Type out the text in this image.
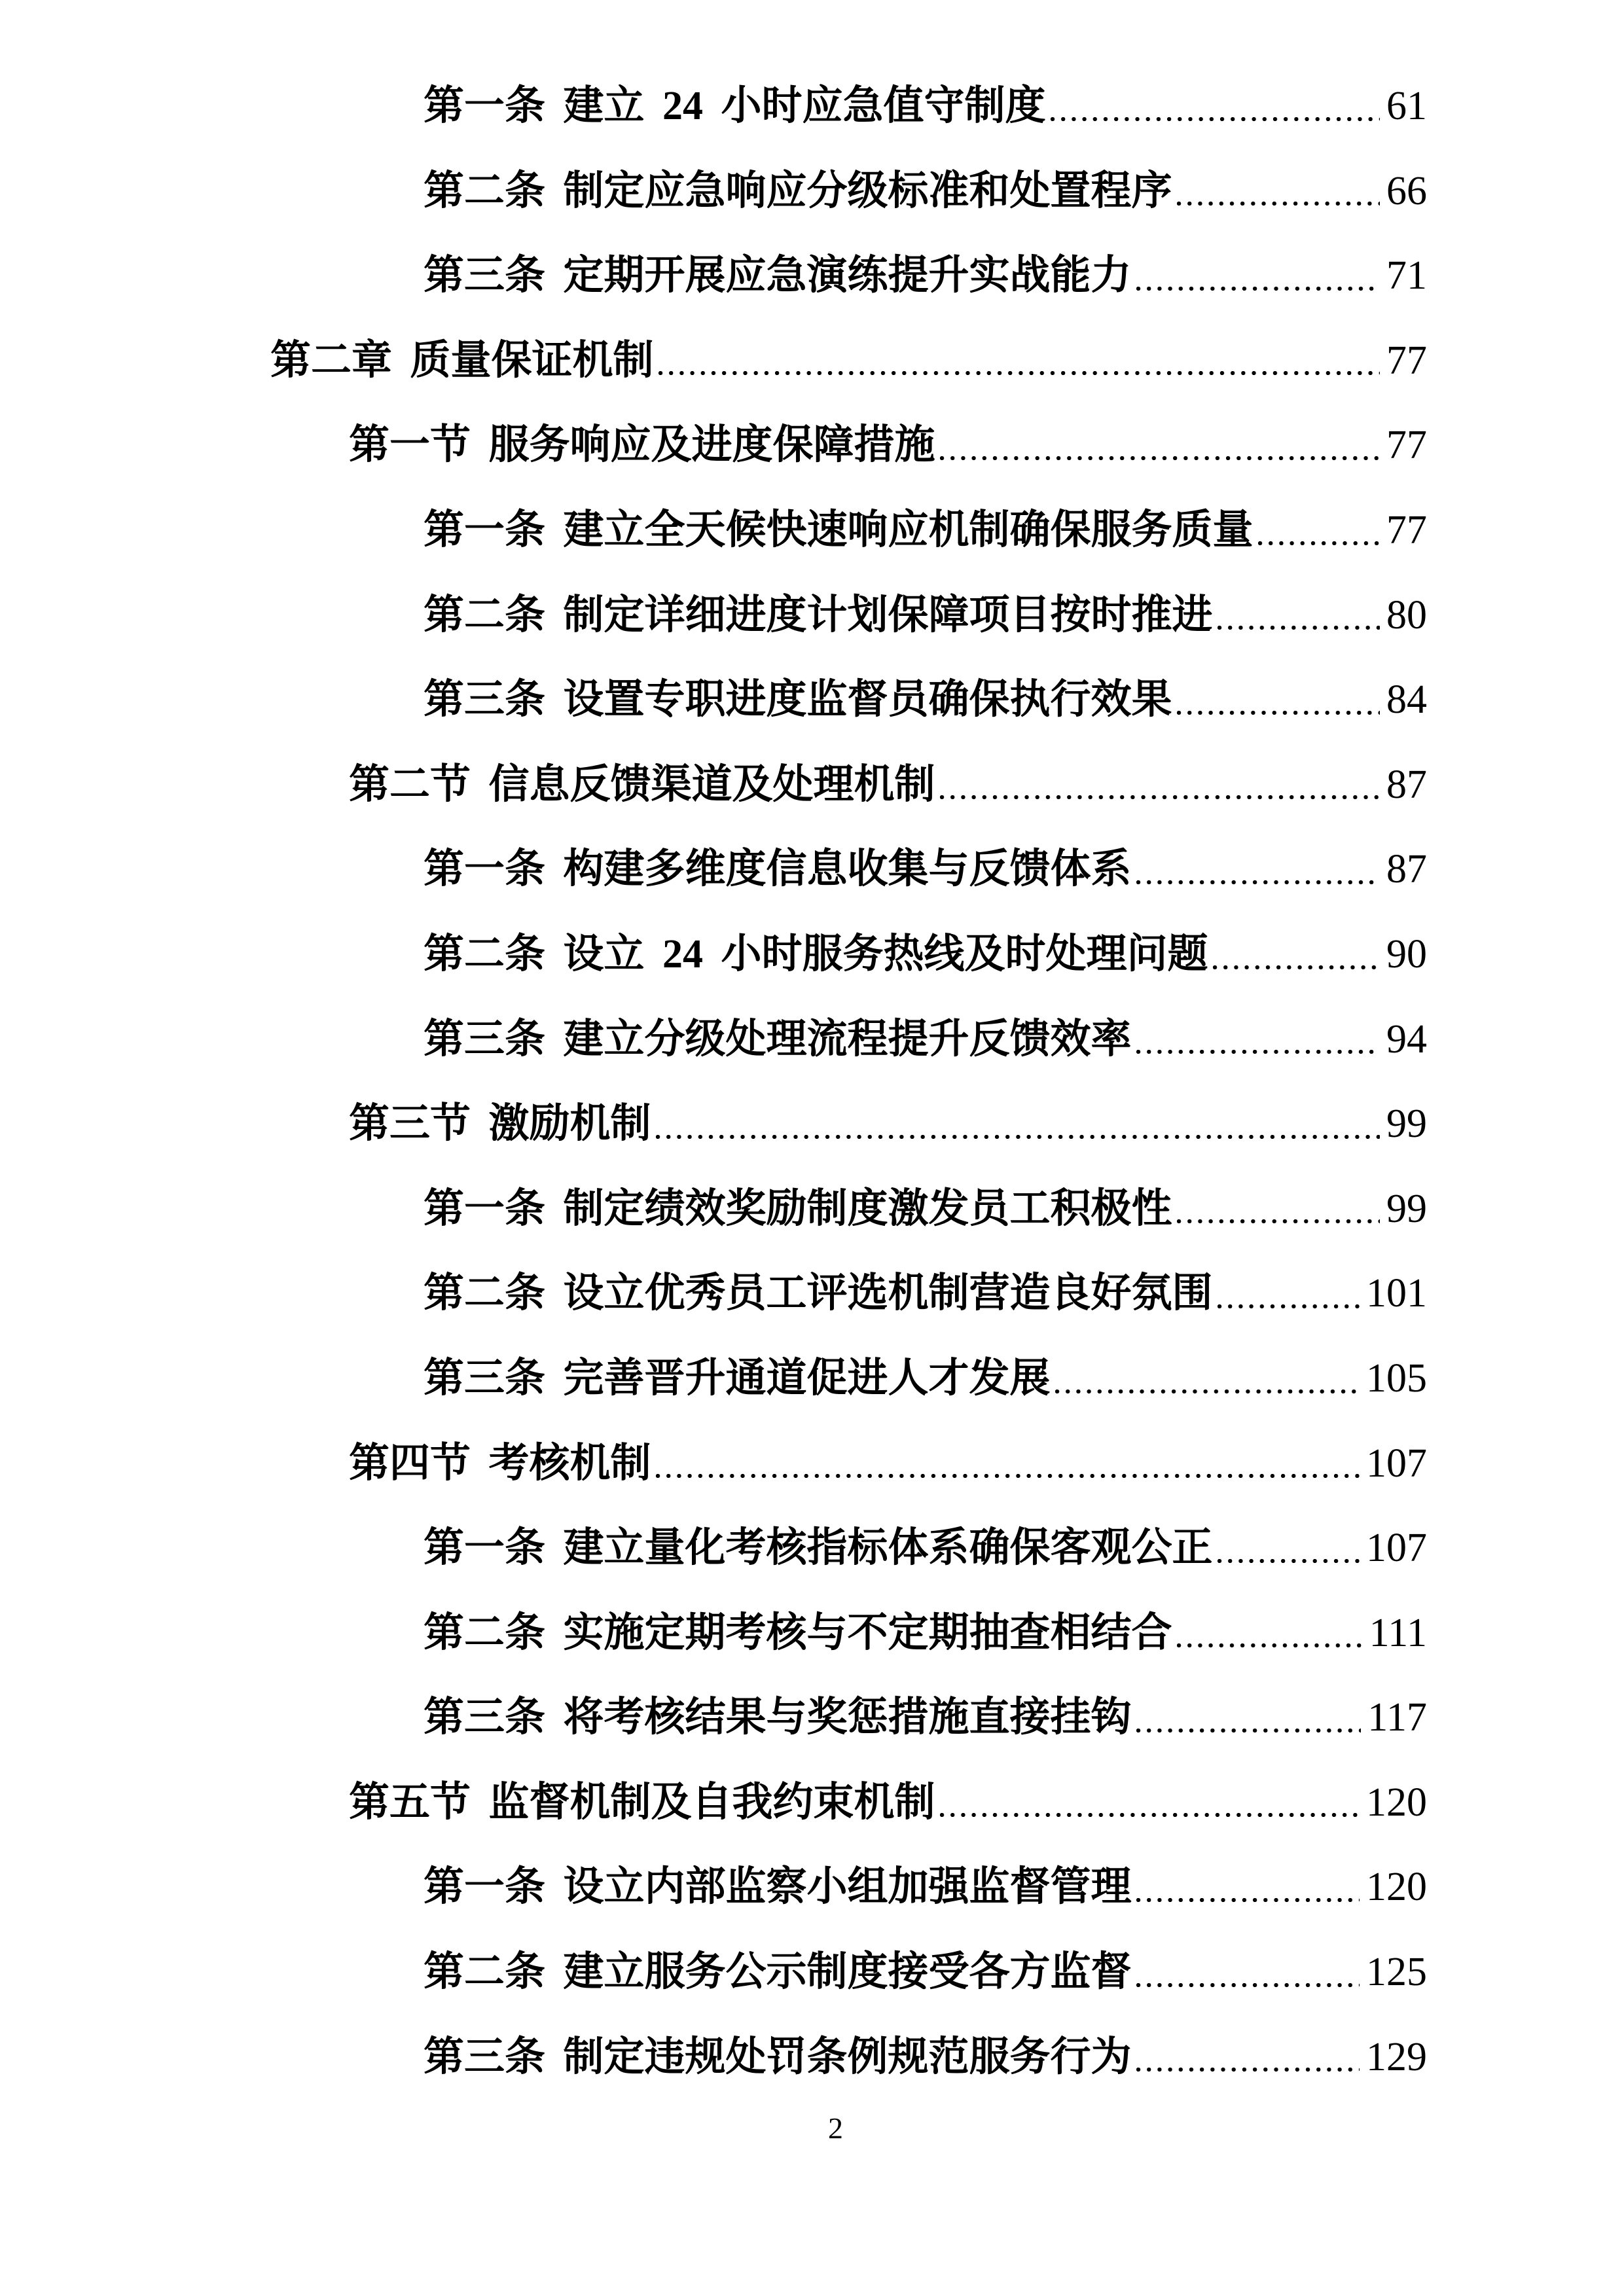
第一条 建立 24 小时应急值守制度	61
第二条 制定应急响应分级标准和处置程序	66
第三条 定期开展应急演练提升实战能力	71
第二章 质量保证机制	77
第一节 服务响应及进度保障措施	77
第一条 建立全天候快速响应机制确保服务质量	77
第二条 制定详细进度计划保障项目按时推进	80
第三条 设置专职进度监督员确保执行效果	84
第二节 信息反馈渠道及处理机制	87
第一条 构建多维度信息收集与反馈体系	87
第二条 设立 24 小时服务热线及时处理问题	90
第三条 建立分级处理流程提升反馈效率	94
第三节 激励机制	99
第一条 制定绩效奖励制度激发员工积极性	99
第二条 设立优秀员工评选机制营造良好氛围	101
第三条 完善晋升通道促进人才发展	105
第四节 考核机制	107
第一条 建立量化考核指标体系确保客观公正	107
第二条 实施定期考核与不定期抽查相结合	111
第三条 将考核结果与奖惩措施直接挂钩	117
第五节 监督机制及自我约束机制	120
第一条 设立内部监察小组加强监督管理	120
第二条 建立服务公示制度接受各方监督	125
第三条 制定违规处罚条例规范服务行为	129
2
